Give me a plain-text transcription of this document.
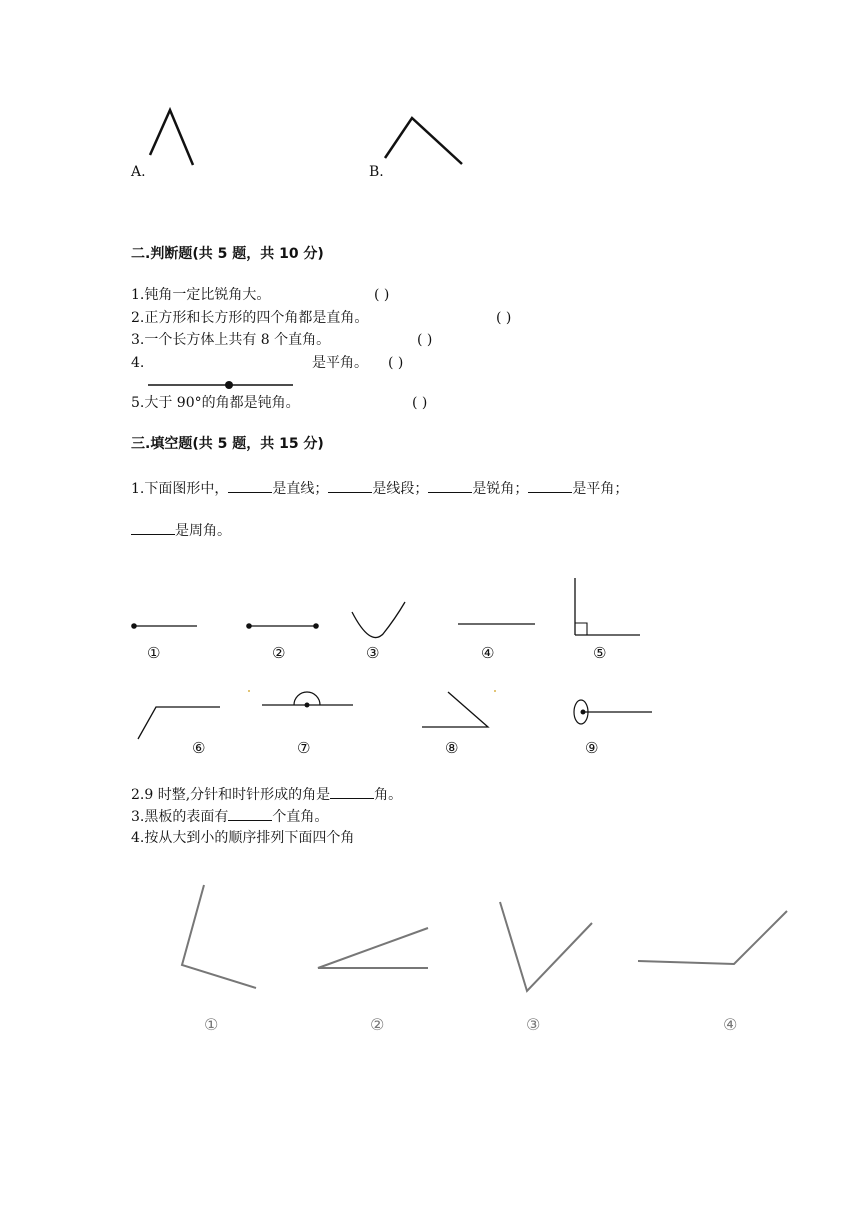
A.	B.
二.判断题(共 5 题，共 10 分)
1.钝角一定比锐角大。	( )
2.正方形和长方形的四个角都是直角。	( )
3.一个长方体上共有 8 个直角。	( )
4.	是平角。 ( )
5.大于 90°的角都是钝角。	( )
三.填空题(共 5 题，共 15 分)
1.下面图形中，	是直线；	是线段；	是锐角；	是平角；
是周角。
①	②	③	④	⑤
⑥	⑦	⑧	⑨
2.9 时整,分针和时针形成的角是	角。
3.黑板的表面有	个直角。
4.按从大到小的顺序排列下面四个角
①	②	③	④
